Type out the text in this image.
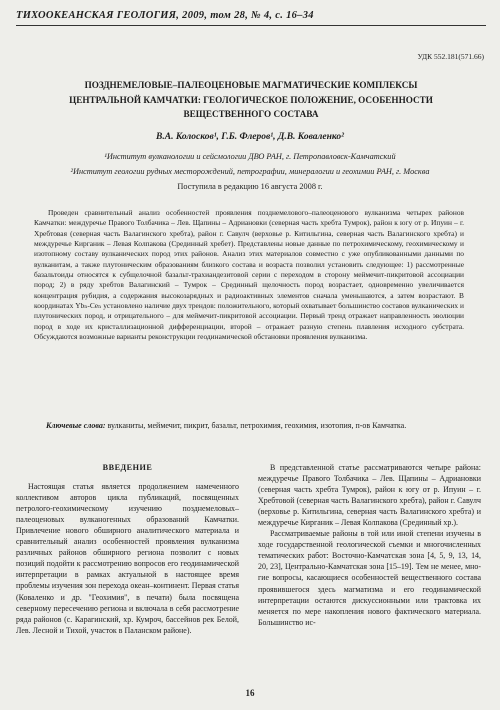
ТИХООКЕАНСКАЯ ГЕОЛОГИЯ, 2009, том 28, № 4, с. 16–34
УДК 552.181(571.66)
ПОЗДНЕМЕЛОВЫЕ–ПАЛЕОЦЕНОВЫЕ МАГМАТИЧЕСКИЕ КОМПЛЕКСЫ
ЦЕНТРАЛЬНОЙ КАМЧАТКИ: ГЕОЛОГИЧЕСКОЕ ПОЛОЖЕНИЕ, ОСОБЕННОСТИ
ВЕЩЕСТВЕННОГО СОСТАВА
В.А. Колосков¹, Г.Б. Флеров¹, Д.В. Коваленко²
¹Институт вулканологии и сейсмологии ДВО РАН, г. Петропавловск-Камчатский
²Институт геологии рудных месторождений, петрографии, минералогии и геохимии РАН, г. Москва
Поступила в редакцию 16 августа 2008 г.
Проведен сравнительный анализ особенностей проявления позднемелового–палеоценового вулканизма четырех районов Камчатки: междуречье Правого Толбачика – Лев. Щапины – Адриановки (северная часть хребта Тумрок), район к югу от р. Ипуин – г. Хребтовая (северная часть Валагинского хребта), район г. Савулч (верховье р. Китильгина, северная часть Валагинского хребта) и междуречье Кирганик – Левая Колпакова (Срединный хребет). Представлены новые данные по петрохимическому, геохимическому и изотопному составу вулканических пород этих районов. Анализ этих материалов совместно с уже опубликованными данными по вулканитам, а также плутоническим образованиям близкого состава и возраста позволил установить следующее: 1) рассмотренные базальтоиды относятся к субщелочной базальт-трахиандезитовой серии с переходом в сторону меймечит-пикритовой ассоциации пород; 2) в ряду хребтов Валагинский – Тумрок – Срединный щелочность пород возрастает, одновременно увеличивается концентрация рубидия, а содержания высокозарядных и радиоактивных элементов сначала уменьшаются, а затем возрастают. В координатах Ybₙ-Ceₙ установлено наличие двух трендов: положительного, который охватывает большинство составов вулканических и плутонических пород, и отрицательного – для меймечит-пикритовой ассоциации. Первый тренд отражает направленность эволюции пород в ходе их кристаллизационной дифференциации, второй – отражает разную степень плавления исходного субстрата. Обсуждаются возможные варианты реконструкции геодинамической обстановки проявления вулканизма.
Ключевые слова: вулканиты, меймечит, пикрит, базальт, петрохимия, геохимия, изотопия, п-ов Камчатка.
ВВЕДЕНИЕ

Настоящая статья является продолжением намеченного коллективом авторов цикла публикаций, посвященных петролого-геохимическому изучению позднемеловых–палеоценовых вулканогенных образований Камчатки. Привлечение нового обширного аналитического материала и сравнительный анализ особенностей проявления вулканизма различных районов обширного региона позволит с новых позиций подойти к рассмотрению вопросов его геодинамической интерпретации в рамках актуальной в настоящее время проблемы изучения зон перехода океан–континент. Первая статья (Коваленко и др. "Геохимия", в печати) была посвящена северному пересечению региона и включала в себя рассмотрение ряда районов (с. Карагинский, хр. Кумроч, бассейнов рек Белой, Лев. Лесной и Тихой, участок в Паланском районе).

В представленной статье рассматриваются четыре района: междуречье Правого Толбачика – Лев. Щапины – Адриановки (северная часть хребта Тумрок), район к югу от р. Ипуин – г. Хребтовой (северная часть Валагинского хребта), район г. Савулч (верховье р. Китильгина, северная часть Валагинского хребта) и междуречье Кирганик – Левая Колпакова (Срединный хр.).

Рассматриваемые районы в той или иной степени изучены в ходе государственной геологической съемки и многочисленных тематических работ: Восточно-Камчатская зона [4, 5, 9, 13, 14, 20, 23], Центрально-Камчатская зона [15–19]. Тем не менее, многие вопросы, касающиеся особенностей вещественного состава проявившегося здесь магматизма и его геодинамической интерпретации остаются дискуссионными или трактовка их меняется по мере накопления нового фактического материала. Большинство ис-

16
